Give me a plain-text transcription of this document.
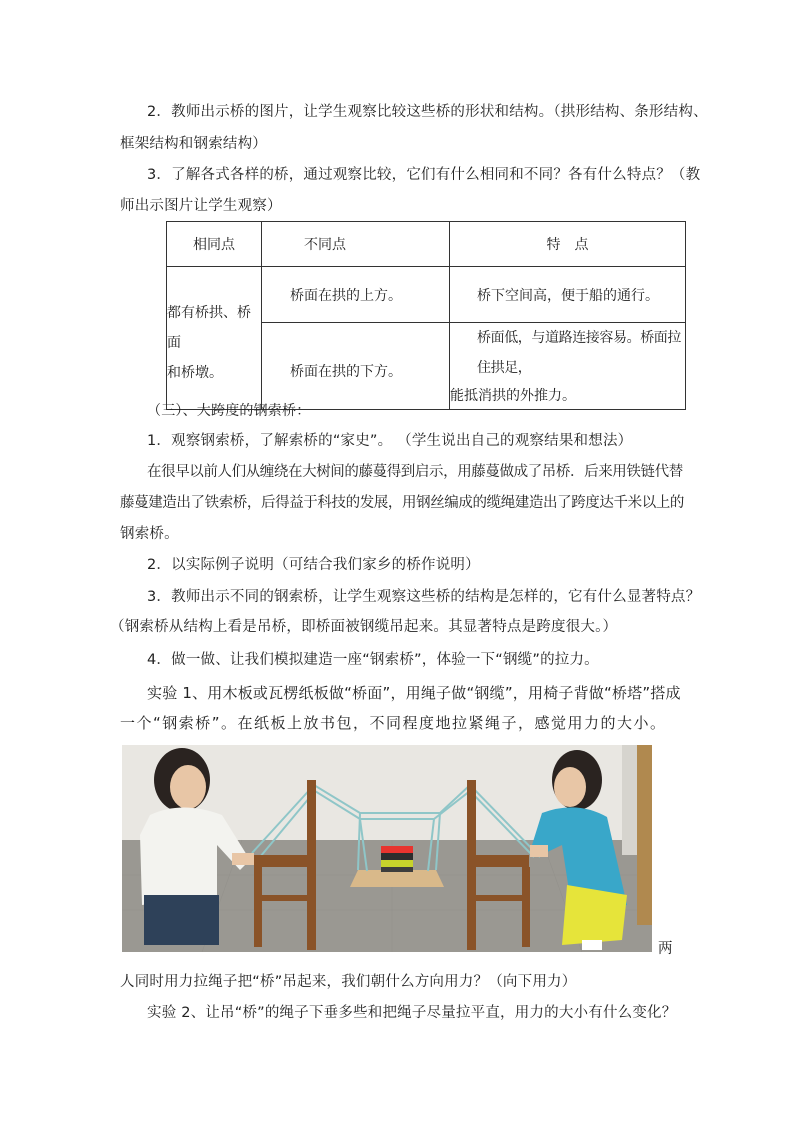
2．教师出示桥的图片，让学生观察比较这些桥的形状和结构。（拱形结构、条形结构、
框架结构和钢索结构）
3．了解各式各样的桥，通过观察比较，它们有什么相同和不同？各有什么特点？（教
师出示图片让学生观察）
相同点	不同点	特　点

都有桥拱、桥面
和桥墩。	桥面在拱的上方。	桥下空间高，便于船的通行。

	桥面在拱的下方。	桥面低，与道路连接容易。桥面拉住拱足，
能抵消拱的外推力。
（三）、大跨度的钢索桥：
1．观察钢索桥，了解索桥的“家史”。 （学生说出自己的观察结果和想法）
在很早以前人们从缠绕在大树间的藤蔓得到启示，用藤蔓做成了吊桥．后来用铁链代替
藤蔓建造出了铁索桥，后得益于科技的发展，用钢丝编成的缆绳建造出了跨度达千米以上的
钢索桥。
2．以实际例子说明（可结合我们家乡的桥作说明）
3．教师出示不同的钢索桥，让学生观察这些桥的结构是怎样的，它有什么显著特点？
（钢索桥从结构上看是吊桥，即桥面被钢缆吊起来。其显著特点是跨度很大。）
4．做一做、让我们模拟建造一座“钢索桥”，体验一下“钢缆”的拉力。
实验 1、用木板或瓦楞纸板做“桥面”，用绳子做“钢缆”，用椅子背做“桥塔”搭成
一个“钢索桥”。在纸板上放书包，不同程度地拉紧绳子，感觉用力的大小。
两
人同时用力拉绳子把“桥”吊起来，我们朝什么方向用力？（向下用力）
实验 2、让吊“桥”的绳子下垂多些和把绳子尽量拉平直，用力的大小有什么变化？
